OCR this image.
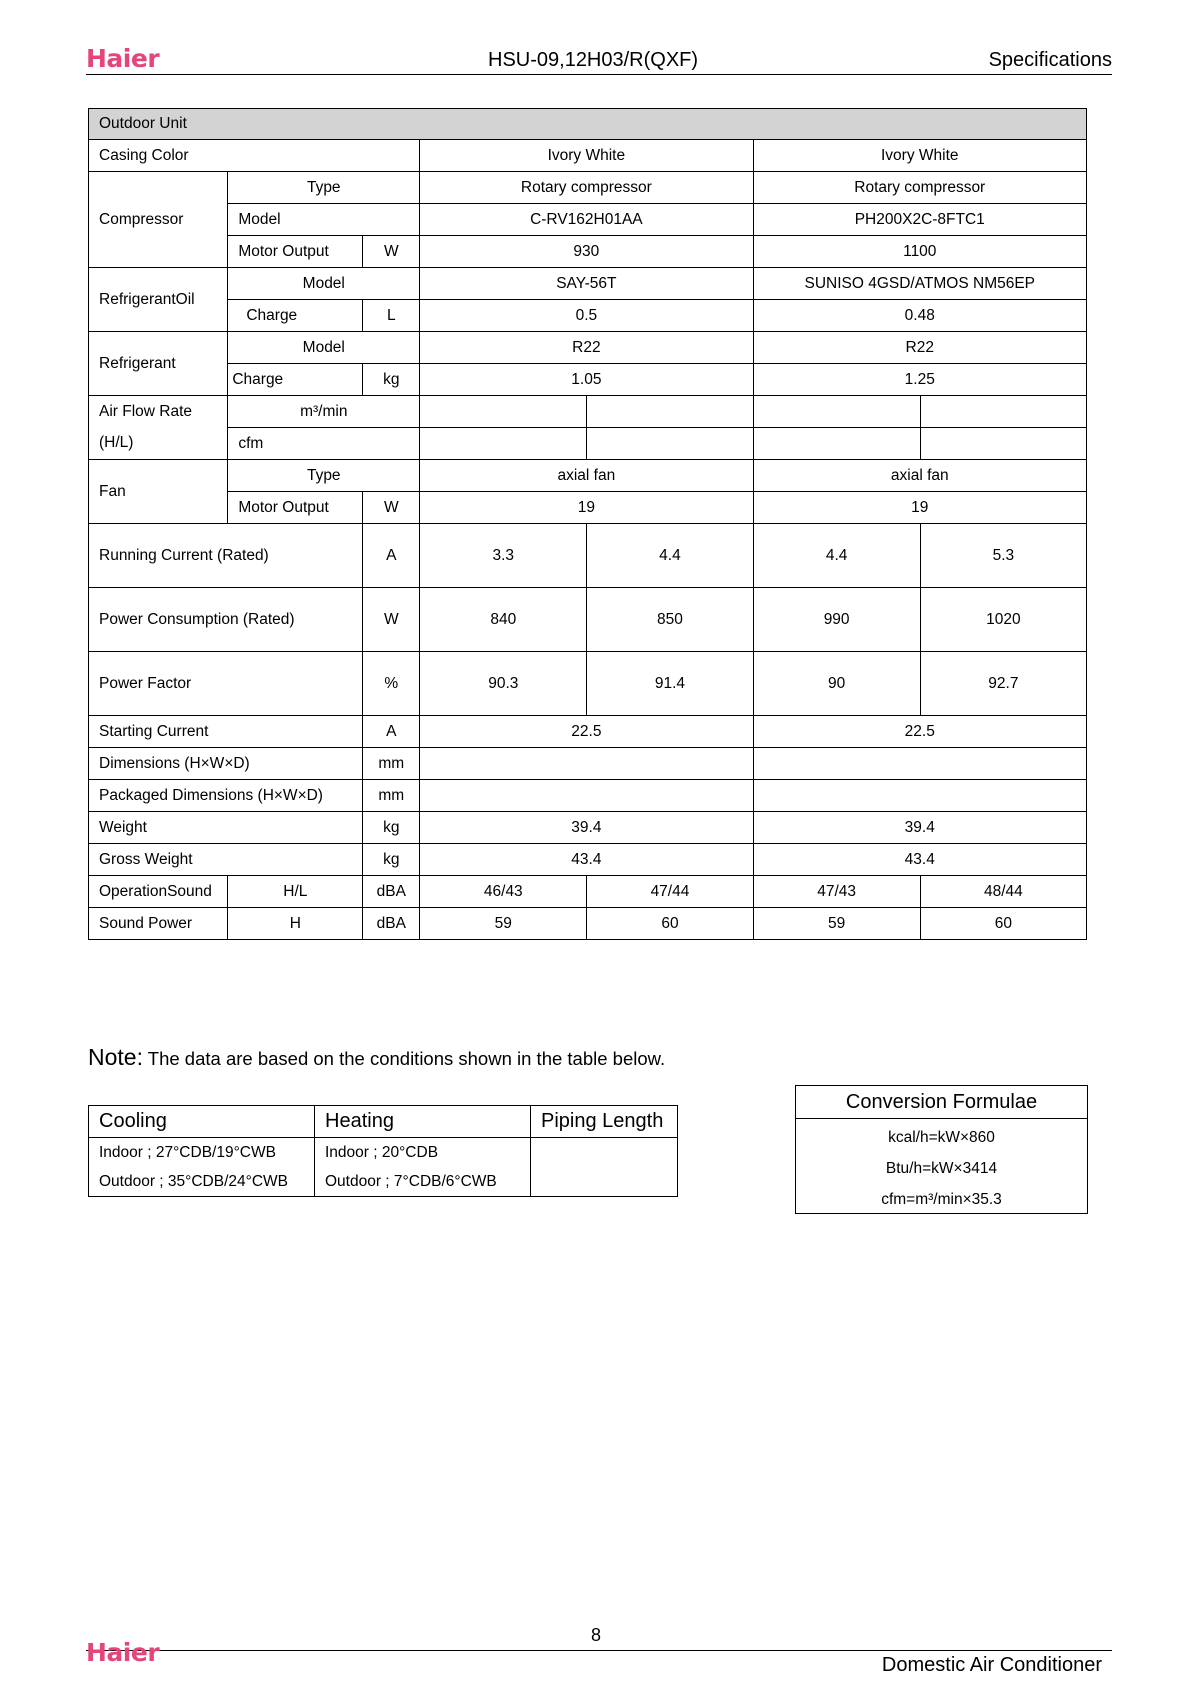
Haier	HSU-09,12H03/R(QXF)	Specifications
Outdoor Unit						
Casing Color			Ivory White		Ivory White	
Compressor	Type		Rotary compressor		Rotary compressor	
	Model		C-RV162H01AA		PH200X2C-8FTC1	
	Motor Output	W	930		1100	
RefrigerantOil	Model		SAY-56T		SUNISO 4GSD/ATMOS NM56EP	
	Charge	L	0.5		0.48	
Refrigerant	Model		R22		R22	
	Charge	kg	1.05		1.25	
Air Flow Rate	m³/min					
(H/L)	cfm					
Fan	Type		axial fan		axial fan	
	Motor Output	W	19		19	
Running Current (Rated)		A	3.3	4.4	4.4	5.3
Power Consumption (Rated)		W	840	850	990	1020
Power Factor		%	90.3	91.4	90	92.7
Starting Current		A	22.5		22.5	
Dimensions (H×W×D)		mm				
Packaged Dimensions (H×W×D)		mm				
Weight		kg	39.4		39.4	
Gross Weight		kg	43.4		43.4	
OperationSound	H/L	dBA	46/43	47/44	47/43	48/44
Sound Power	H	dBA	59	60	59	60
Note: The data are based on the conditions shown in the table below.
Cooling	Heating	Piping Length
Indoor ; 27°CDB/19°CWB	Indoor ; 20°CDB	
Outdoor ; 35°CDB/24°CWB	Outdoor ; 7°CDB/6°CWB	
Conversion Formulae
kcal/h=kW×860
Btu/h=kW×3414
cfm=m³/min×35.3
8
Haier	Domestic Air Conditioner
